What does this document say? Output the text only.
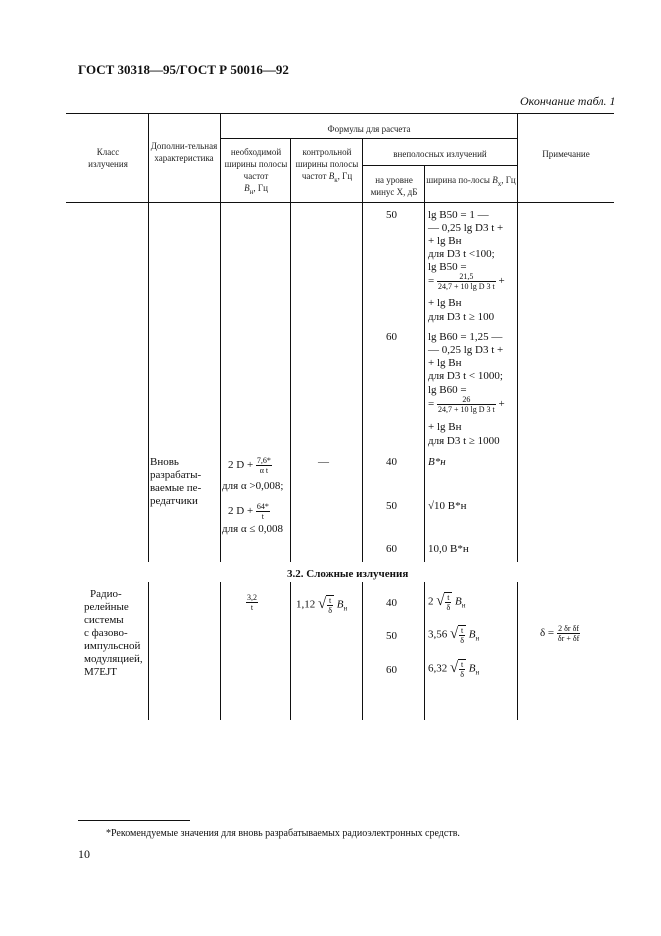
ГОСТ 30318—95/ГОСТ Р 50016—92
Окончание табл. 1
Класс излучения
Дополни-тельная характеристика
Формулы для расчета
необходимой ширины полосы частот
$B_н$, Гц
контрольной ширины полосы частот $B_к$, Гц
внеполосных излучений
на уровне минус X, дБ
ширина по-лосы $B_x$, Гц
Примечание
50
60
40
50
60
lg B50 = 1 —
— 0,25 lg D3 t +
+ lg Bн
для D3 t <100;
lg B50 =
= $\frac{21,5}{\text{24,7 + 10 lg D 3 t}}$ +
+ lg Bн
для D3 t ≥ 100
lg B60 = 1,25 —
— 0,25 lg D3 t +
+ lg Bн
для D3 t < 1000;
lg B60 =
= $\frac{26}{\text{24,7 + 10 lg D 3 t}}$ +
+ lg Bн
для D3 t ≥ 1000
B*н
√10 B*н
10,0 B*н
Вновь разрабаты-ваемые пе-редатчики
2 $D + \frac{7,6*}{\text{α t}}$
для α >0,008;
2 $D + \frac{64*}{t}$
для α ≤ 0,008
—
3.2. Сложные излучения
Радио-
релейные
системы
с фазово-
импульсной
модуляцией,
M7EJT
$\frac{3,2}{t}$	1,12 √ $\frac{t}{\delta} B_н$	40
50
60
2 √ $\frac{t}{\delta} B_н$
3,56 √ $\frac{t}{\delta} B_н$
6,32 √ $\frac{t}{\delta} B_н$
$\delta = \frac{\text{2 δr δf}}{\delta r + \delta f}$
*Рекомендуемые значения для вновь разрабатываемых радиоэлектронных средств.
10
